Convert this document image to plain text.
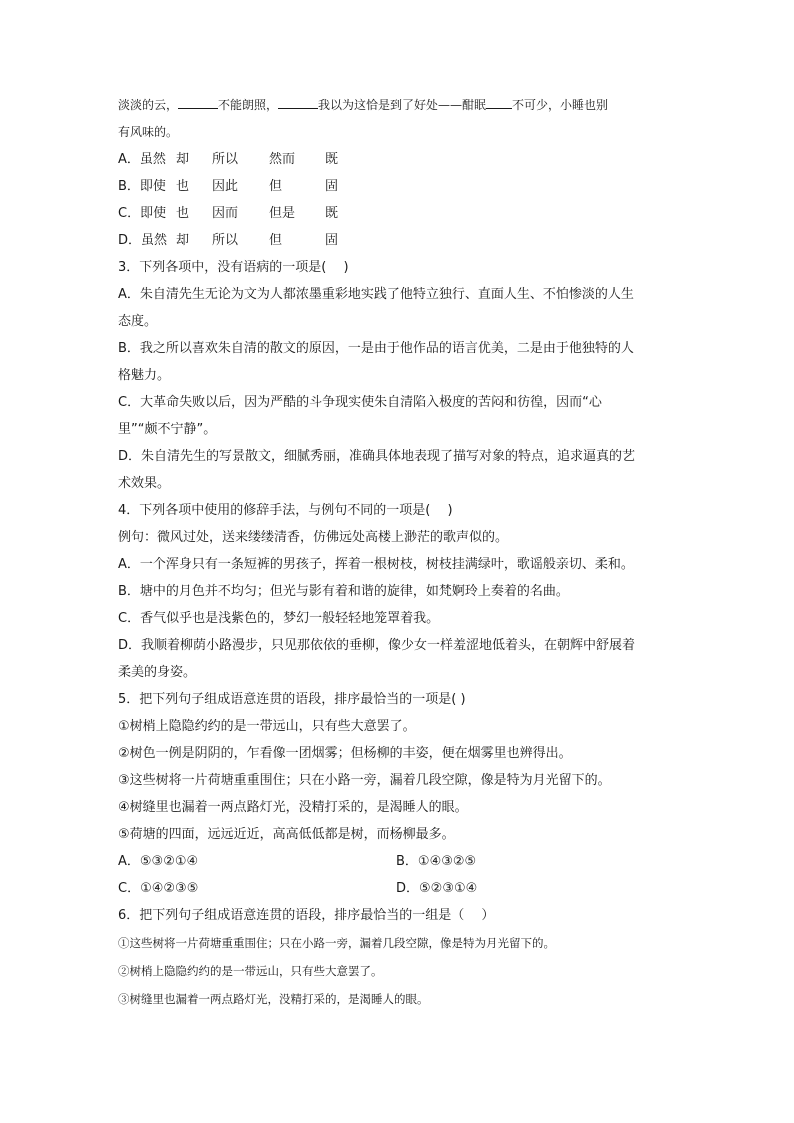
淡淡的云，	不能朗照，	我以为这恰是到了好处——酣眠 不可少，小睡也别
有风味的。
A．虽然 却	所以	然而	既
B．即使 也	因此	但	固
C．即使 也	因而	但是	既
D．虽然 却	所以	但	固
3．下列各项中，没有语病的一项是(　 )
A．朱自清先生无论为文为人都浓墨重彩地实践了他特立独行、直面人生、不怕惨淡的人生
态度。
B．我之所以喜欢朱自清的散文的原因，一是由于他作品的语言优美，二是由于他独特的人
格魅力。
C．大革命失败以后，因为严酷的斗争现实使朱自清陷入极度的苦闷和彷徨，因而“心
里”“颇不宁静”。
D．朱自清先生的写景散文，细腻秀丽，准确具体地表现了描写对象的特点，追求逼真的艺
术效果。
4．下列各项中使用的修辞手法，与例句不同的一项是(　 )
例句：微风过处，送来缕缕清香，仿佛远处高楼上渺茫的歌声似的。
A．一个浑身只有一条短裤的男孩子，挥着一根树枝，树枝挂满绿叶，歌谣般亲切、柔和。
B．塘中的月色并不均匀；但光与影有着和谐的旋律，如梵婀玲上奏着的名曲。
C．香气似乎也是浅紫色的，梦幻一般轻轻地笼罩着我。
D．我顺着柳荫小路漫步，只见那依依的垂柳，像少女一样羞涩地低着头，在朝辉中舒展着
柔美的身姿。
5．把下列句子组成语意连贯的语段，排序最恰当的一项是( )
①树梢上隐隐约约的是一带远山，只有些大意罢了。
②树色一例是阴阴的，乍看像一团烟雾；但杨柳的丰姿，便在烟雾里也辨得出。
③这些树将一片荷塘重重围住；只在小路一旁，漏着几段空隙，像是特为月光留下的。
④树缝里也漏着一两点路灯光，没精打采的，是渴睡人的眼。
⑤荷塘的四面，远远近近，高高低低都是树，而杨柳最多。
A．⑤③②①④	B．①④③②⑤
C．①④②③⑤	D．⑤②③①④
6．把下列句子组成语意连贯的语段，排序最恰当的一组是（　 ）
①这些树将一片荷塘重重围住；只在小路一旁，漏着几段空隙，像是特为月光留下的。
②树梢上隐隐约约的是一带远山，只有些大意罢了。
③树缝里也漏着一两点路灯光，没精打采的，是渴睡人的眼。
